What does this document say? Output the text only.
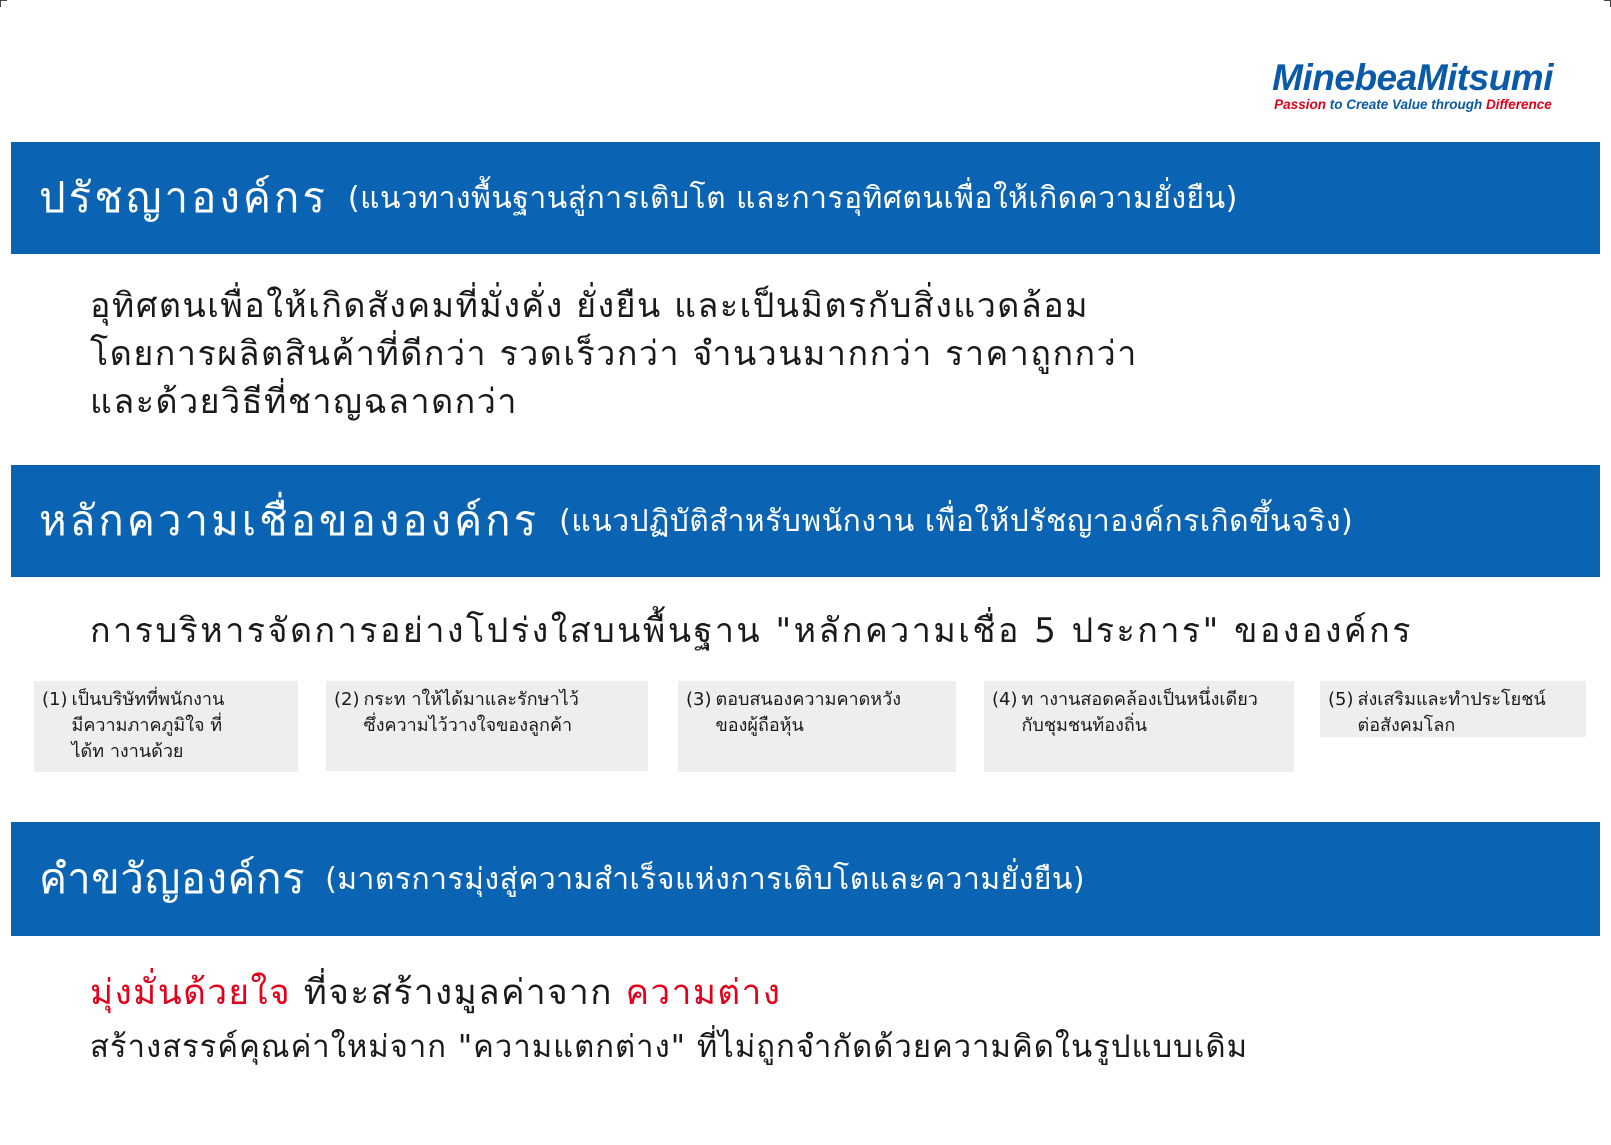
MinebeaMitsumi
Passion to Create Value through Difference
ปรัชญาองค์กร (แนวทางพื้นฐานสู่การเติบโต และการอุทิศตนเพื่อให้เกิดความยั่งยืน)
อุทิศตนเพื่อให้เกิดสังคมที่มั่งคั่ง ยั่งยืน และเป็นมิตรกับสิ่งแวดล้อม
โดยการผลิตสินค้าที่ดีกว่า รวดเร็วกว่า จำนวนมากกว่า ราคาถูกกว่า
และด้วยวิธีที่ชาญฉลาดกว่า
หลักความเชื่อขององค์กร (แนวปฏิบัติสำหรับพนักงาน เพื่อให้ปรัชญาองค์กรเกิดขึ้นจริง)
การบริหารจัดการอย่างโปร่งใสบนพื้นฐาน "หลักความเชื่อ 5 ประการ" ขององค์กร
(1) เป็นบริษัทที่พนักงาน
มีความภาคภูมิใจ ที่
ได้ท างานด้วย
(2) กระท าให้ได้มาและรักษาไว้
ซึ่งความไว้วางใจของลูกค้า
(3) ตอบสนองความคาดหวัง
ของผู้ถือหุ้น
(4) ท างานสอดคล้องเป็นหนึ่งเดียว
กับชุมชนท้องถิ่น
(5) ส่งเสริมและทำประโยชน์
ต่อสังคมโลก
คำขวัญองค์กร (มาตรการมุ่งสู่ความสำเร็จแห่งการเติบโตและความยั่งยืน)
มุ่งมั่นด้วยใจ ที่จะสร้างมูลค่าจาก ความต่าง
สร้างสรรค์คุณค่าใหม่จาก "ความแตกต่าง" ที่ไม่ถูกจำกัดด้วยความคิดในรูปแบบเดิม
